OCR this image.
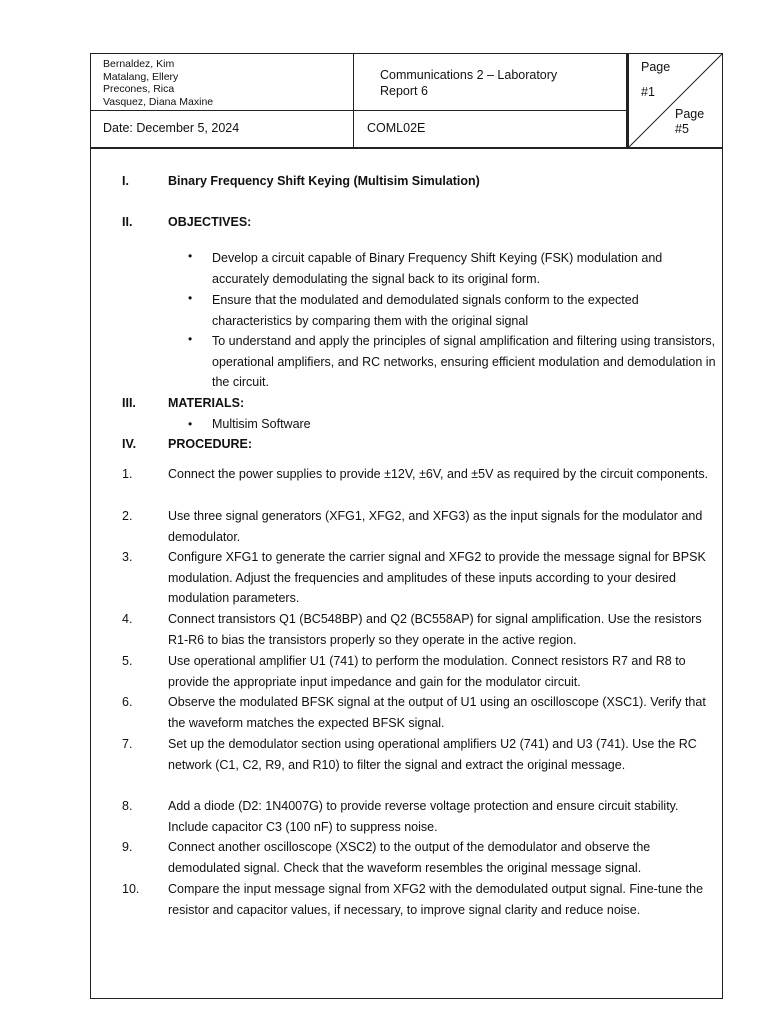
Bernaldez, Kim
Matalang, Ellery
Precones, Rica
Vasquez, Diana Maxine
Communications 2 – Laboratory
Report 6
Date: December 5, 2024	COML02E
Page
#1
Page
#5
I.	Binary Frequency Shift Keying (Multisim Simulation)
II.	OBJECTIVES:
• Develop a circuit capable of Binary Frequency Shift Keying (FSK) modulation and accurately demodulating the signal back to its original form.
• Ensure that the modulated and demodulated signals conform to the expected characteristics by comparing them with the original signal
• To understand and apply the principles of signal amplification and filtering using transistors, operational amplifiers, and RC networks, ensuring efficient modulation and demodulation in the circuit.
III.	MATERIALS:
• Multisim Software
IV.	PROCEDURE:
1.	Connect the power supplies to provide ±12V, ±6V, and ±5V as required by the circuit components.
2.	Use three signal generators (XFG1, XFG2, and XFG3) as the input signals for the modulator and demodulator.
3.	Configure XFG1 to generate the carrier signal and XFG2 to provide the message signal for BPSK modulation. Adjust the frequencies and amplitudes of these inputs according to your desired modulation parameters.
4.	Connect transistors Q1 (BC548BP) and Q2 (BC558AP) for signal amplification. Use the resistors R1-R6 to bias the transistors properly so they operate in the active region.
5.	Use operational amplifier U1 (741) to perform the modulation. Connect resistors R7 and R8 to provide the appropriate input impedance and gain for the modulator circuit.
6.	Observe the modulated BFSK signal at the output of U1 using an oscilloscope (XSC1). Verify that the waveform matches the expected BFSK signal.
7.	Set up the demodulator section using operational amplifiers U2 (741) and U3 (741). Use the RC network (C1, C2, R9, and R10) to filter the signal and extract the original message.
8.	Add a diode (D2: 1N4007G) to provide reverse voltage protection and ensure circuit stability. Include capacitor C3 (100 nF) to suppress noise.
9.	Connect another oscilloscope (XSC2) to the output of the demodulator and observe the demodulated signal. Check that the waveform resembles the original message signal.
10. Compare the input message signal from XFG2 with the demodulated output signal. Fine-tune the resistor and capacitor values, if necessary, to improve signal clarity and reduce noise.
